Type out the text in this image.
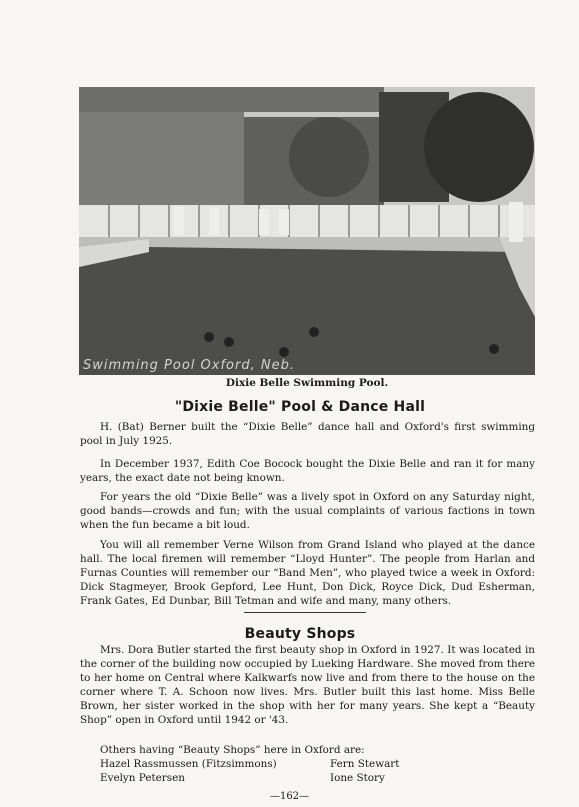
Swimming Pool Oxford, Neb.
Dixie Belle Swimming Pool.
"Dixie Belle" Pool & Dance Hall

H. (Bat) Berner built the “Dixie Belle” dance hall and Oxford's first swimming pool in July 1925.

In December 1937, Edith Coe Bocock bought the Dixie Belle and ran it for many years, the exact date not being known.

For years the old “Dixie Belle” was a lively spot in Oxford on any Saturday night, good bands—crowds and fun; with the usual complaints of various factions in town when the fun became a bit loud.

You will all remember Verne Wilson from Grand Island who played at the dance hall. The local firemen will remember “Lloyd Hunter”. The people from Harlan and Furnas Counties will remember our “Band Men”, who played twice a week in Oxford: Dick Stagmeyer, Brook Gepford, Lee Hunt, Don Dick, Royce Dick, Dud Esherman, Frank Gates, Ed Dunbar, Bill Tetman and wife and many, many others.

Beauty Shops

Mrs. Dora Butler started the first beauty shop in Oxford in 1927. It was located in the corner of the building now occupied by Lueking Hardware. She moved from there to her home on Central where Kalkwarfs now live and from there to the house on the corner where T. A. Schoon now lives. Mrs. Butler built this last home. Miss Belle Brown, her sister worked in the shop with her for many years. She kept a “Beauty Shop” open in Oxford until 1942 or '43.

Others having “Beauty Shops” here in Oxford are:
Hazel Rassmussen (Fitzsimmons)	Fern Stewart
Evelyn Petersen	Ione Story
—162—
